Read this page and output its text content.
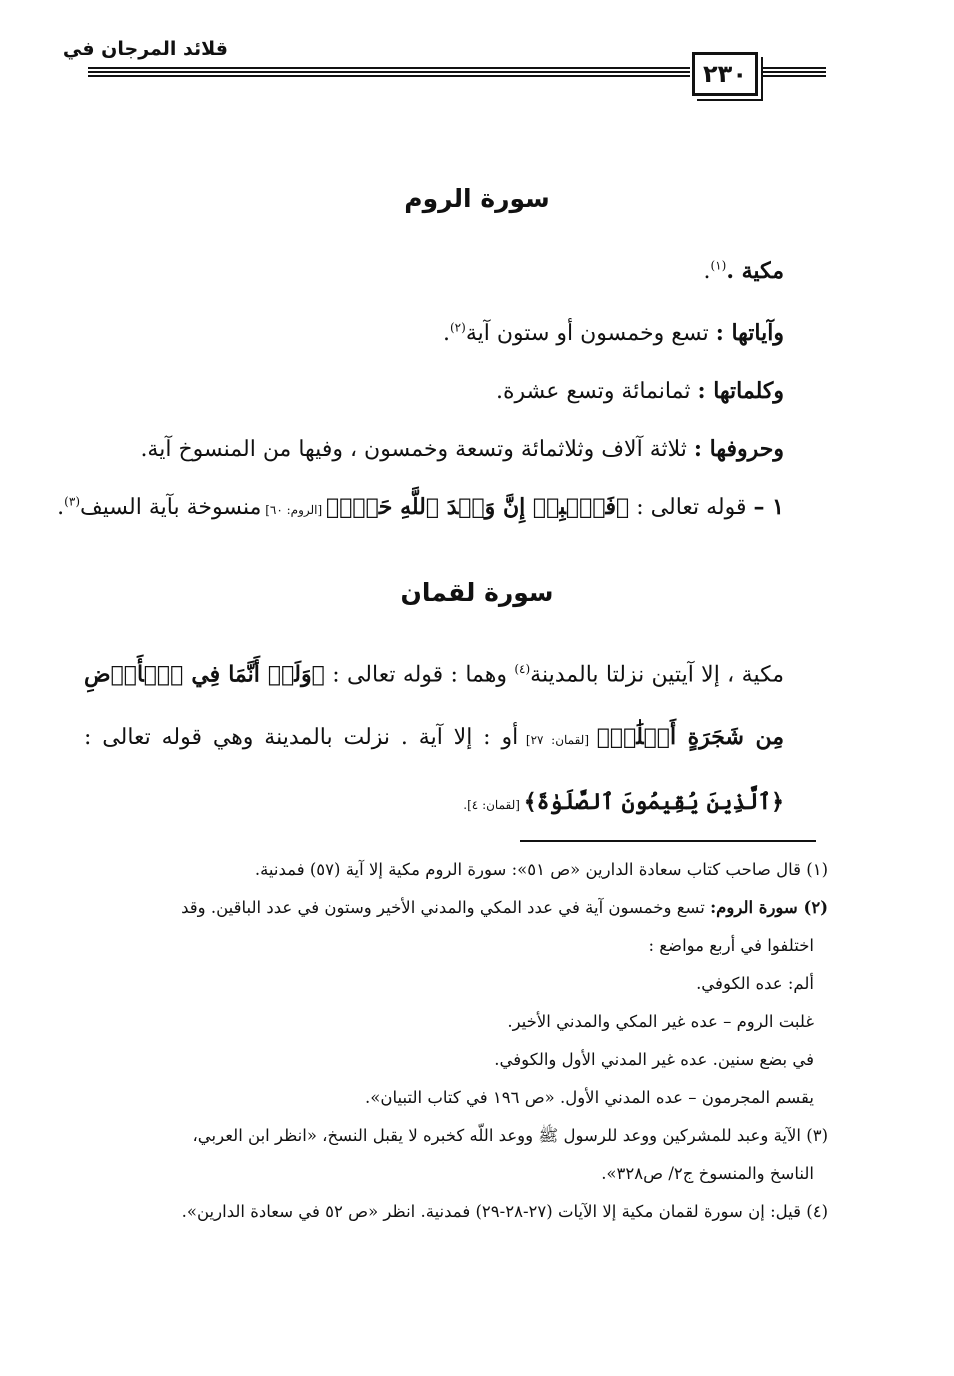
قلائد المرجان في
٢٣٠
سورة الروم
مكية .$^{(١)}$.
وآياتها : تسع وخمسون أو ستون آية$^{(٢)}$.
وكلماتها : ثمانمائة وتسع عشرة.
وحروفها : ثلاثة آلاف وثلاثمائة وتسعة وخمسون ، وفيها من المنسوخ آية.
١ – قوله تعالى : ﴿فَٱصۡبِرۡ إِنَّ وَعۡدَ ٱللَّهِ حَقّٞ﴾ [الروم: ٦٠] منسوخة بآية السيف$^{(٣)}$.
سورة لقمان
مكية ، إلا آيتين نزلتا بالمدينة$^{(٤)}$ وهما : قوله تعالى : ﴿وَلَوۡ أَنَّمَا فِي ٱلۡأَرۡضِ مِن شَجَرَةٍ أَقۡلَٰمٞ﴾ [لقمان: ٢٧] أو : إلا آية . نزلت بالمدينة وهي قوله تعالى : ﴿ٱلَّذِينَ يُقِيمُونَ ٱلصَّلَوٰةَ﴾ [لقمان: ٤].
(١) قال صاحب كتاب سعادة الدارين «ص ٥١»: سورة الروم مكية إلا آية (٥٧) فمدنية.
(٢) سورة الروم: تسع وخمسون آية في عدد المكي والمدني الأخير وستون في عدد الباقين. وقد
اختلفوا في أربع مواضع :
ألم: عده الكوفي.
غلبت الروم – عده غير المكي والمدني الأخير.
في بضع سنين. عده غير المدني الأول والكوفي.
يقسم المجرمون – عده المدني الأول. «ص ١٩٦ في كتاب التبيان».
(٣) الآية وعبد للمشركين ووعد للرسول ﷺ ووعد اللّه كخبره لا يقبل النسخ، «انظر ابن العربي،
الناسخ والمنسوخ ج٢/ ص٣٢٨».
(٤) قيل: إن سورة لقمان مكية إلا الآيات (٢٧-٢٨-٢٩) فمدنية. انظر «ص ٥٢ في سعادة الدارين».
